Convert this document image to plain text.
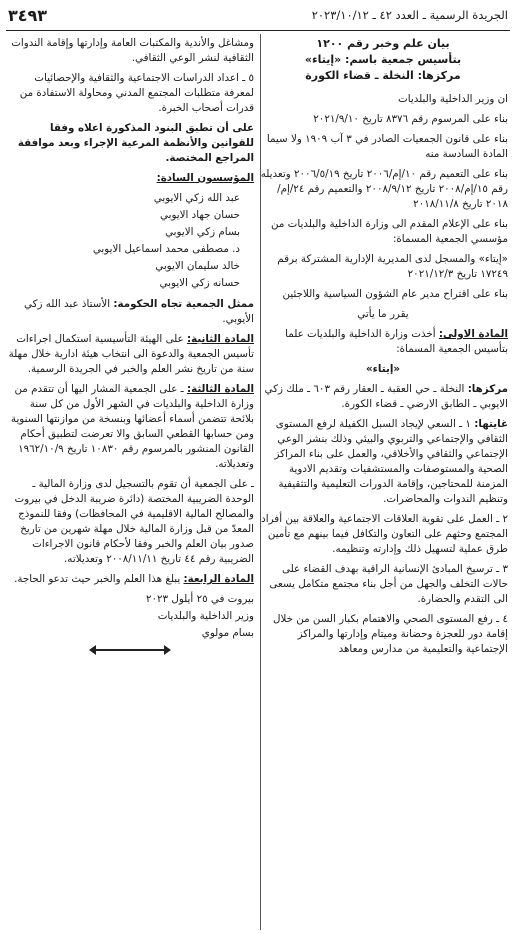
٣٤٩٣	الجريدة الرسمية ـ العدد ٤٢ ـ ٢٠٢٣/١٠/١٢
بيان علم وخبر رقم ١٢٠٠
بتأسيس جمعية باسم: «إيتاء»
مركزها: النخلة ـ قضاء الكورة

ان وزير الداخلية والبلديات

بناء على المرسوم رقم ٨٣٧٦ تاريخ ٢٠٢١/٩/١٠

بناء على قانون الجمعيات الصادر في ٣ آب ١٩٠٩ ولا سيما المادة السادسة منه

بناء على التعميم رقم ١٠/إم/٢٠٠٦ تاريخ ٢٠٠٦/٥/١٩ وتعديله رقم ١٥/إم/٢٠٠٨ تاريخ ٢٠٠٨/٩/١٢ والتعميم رقم ٢٤/إم/٢٠١٨ تاريخ ٢٠١٨/١١/٨

بناء على الإعلام المقدم الى وزارة الداخلية والبلديات من مؤسسي الجمعية المسماة:

«إيتاء» والمسجل لدى المديرية الإدارية المشتركة برقم ١٧٢٤٩ تاريخ ٢٠٢١/١٢/٣

بناء على اقتراح مدير عام الشؤون السياسية واللاجئين

يقرر ما يأتي

المادة الاولى: أخذت وزارة الداخلية والبلديات علما بتأسيس الجمعية المسماة:

«إيتاء»

مركزها: النخلة ـ حي العقبة ـ العقار رقم ٦٠٣ ـ ملك زكي الايوبي ـ الطابق الارضي ـ قضاء الكورة.

غايتها: ١ ـ السعي لإيجاد السبل الكفيلة لرفع المستوى الثقافي والإجتماعي والتربوي والبيئي وذلك بنشر الوعي الإجتماعي والثقافي والأخلاقي، والعمل على بناء المراكز الصحية والمستوصفات والمستشفيات وتقديم الادوية المزمنة للمحتاجين، وإقامة الدورات التعليمية والتثقيفية وتنظيم الندوات والمحاضرات.

٢ ـ العمل على تقوية العلاقات الاجتماعية والعلاقة بين أفراد المجتمع وحثهم على التعاون والتكافل فيما بينهم مع تأمين طرق عملية لتسهيل ذلك وإدارته وتنظيمه.

٣ ـ ترسيخ المبادئ الإنسانية الراقية بهدف القضاء على حالات التخلف والجهل من أجل بناء مجتمع متكامل يسعى الى التقدم والحضارة.

٤ ـ رفع المستوى الصحي والاهتمام بكبار السن من خلال إقامة دور للعجزة وحضانة وميتام وإدارتها والمراكز الإجتماعية والتعليمية من مدارس ومعاهد

ومشاغل والأندية والمكتبات العامة وإدارتها وإقامة الندوات الثقافية لنشر الوعي الثقافي.

٥ ـ اعداد الدراسات الاجتماعية والثقافية والإحصائيات لمعرفة متطلبات المجتمع المدني ومحاولة الاستفادة من قدرات أصحاب الخبرة.

على أن تطبق البنود المذكورة اعلاه وفقا للقوانين والأنظمة المرعية الإجراء وبعد موافقة المراجع المختصة.

المؤسسون السادة:

عبد الله زكي الايوبي
حسان جهاد الايوبي
بسام زكي الايوبي
د. مصطفى محمد اسماعيل الايوبي
خالد سليمان الايوبي
حسانه زكي الايوبي

ممثل الجمعية تجاه الحكومة: الأستاذ عبد الله زكي الأيوبي.

المادة الثانية: على الهيئة التأسيسية استكمال اجراءات تأسيس الجمعية والدعوة الى انتخاب هيئة ادارية خلال مهلة سنة من تاريخ نشر العلم والخبر في الجريدة الرسمية.

المادة الثالثة: ـ على الجمعية المشار اليها أن تتقدم من وزارة الداخلية والبلديات في الشهر الأول من كل سنة بلائحة تتضمن أسماء أعضائها وبنسخة من موازنتها السنوية ومن حسابها القطعي السابق والا تعرضت لتطبيق أحكام القانون المنشور بالمرسوم رقم ١٠٨٣٠ تاريخ ١٩٦٢/١٠/٩ وتعديلاته.

ـ على الجمعية أن تقوم بالتسجيل لدى وزارة المالية ـ الوحدة الضريبية المختصة (دائرة ضريبة الدخل في بيروت والمصالح المالية الاقليمية في المحافظات) وفقا للنموذج المعدّ من قبل وزارة المالية خلال مهلة شهرين من تاريخ صدور بيان العلم والخبر وفقا لأحكام قانون الاجراءات الضريبية رقم ٤٤ تاريخ ٢٠٠٨/١١/١١ وتعديلاته.

المادة الرابعة: يبلغ هذا العلم والخبر حيث تدعو الحاجة.

بيروت في ٢٥ أيلول ٢٠٢٣

وزير الداخلية والبلديات

بسام مولوي
